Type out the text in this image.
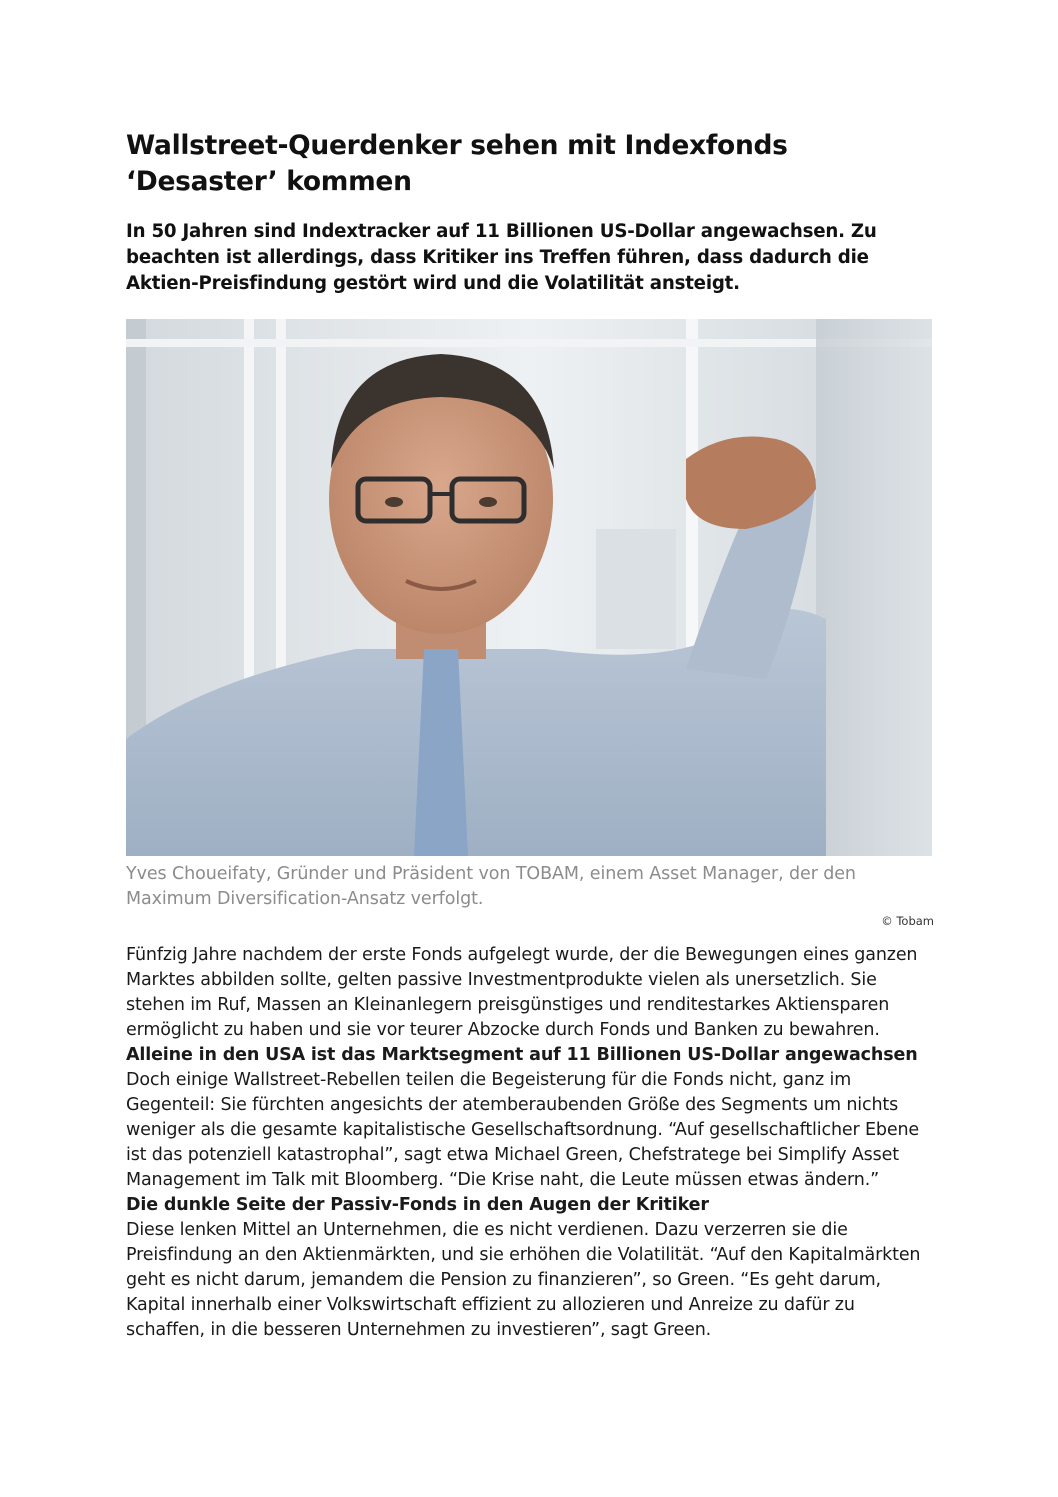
Wallstreet-Querdenker sehen mit Indexfonds ‘Desaster’ kommen

In 50 Jahren sind Indextracker auf 11 Billionen US-Dollar angewachsen. Zu beachten ist allerdings, dass Kritiker ins Treffen führen, dass dadurch die Aktien-Preisfindung gestört wird und die Volatilität ansteigt.

Yves Choueifaty, Gründer und Präsident von TOBAM, einem Asset Manager, der den Maximum Diversification-Ansatz verfolgt.

© Tobam

Fünfzig Jahre nachdem der erste Fonds aufgelegt wurde, der die Bewegungen eines ganzen Marktes abbilden sollte, gelten passive Investmentprodukte vielen als unersetzlich. Sie stehen im Ruf, Massen an Kleinanlegern preisgünstiges und renditestarkes Aktiensparen ermöglicht zu haben und sie vor teurer Abzocke durch Fonds und Banken zu bewahren.

Alleine in den USA ist das Marktsegment auf 11 Billionen US-Dollar angewachsen

Doch einige Wallstreet-Rebellen teilen die Begeisterung für die Fonds nicht, ganz im Gegenteil: Sie fürchten angesichts der atemberaubenden Größe des Segments um nichts weniger als die gesamte kapitalistische Gesellschaftsordnung. “Auf gesellschaftlicher Ebene ist das potenziell katastrophal”, sagt etwa Michael Green, Chefstratege bei Simplify Asset Management im Talk mit Bloomberg. “Die Krise naht, die Leute müssen etwas ändern.”

Die dunkle Seite der Passiv-Fonds in den Augen der Kritiker

Diese lenken Mittel an Unternehmen, die es nicht verdienen. Dazu verzerren sie die Preisfindung an den Aktienmärkten, und sie erhöhen die Volatilität. “Auf den Kapitalmärkten geht es nicht darum, jemandem die Pension zu finanzieren”, so Green. “Es geht darum, Kapital innerhalb einer Volkswirtschaft effizient zu allozieren und Anreize zu dafür zu schaffen, in die besseren Unternehmen zu investieren”, sagt Green.
